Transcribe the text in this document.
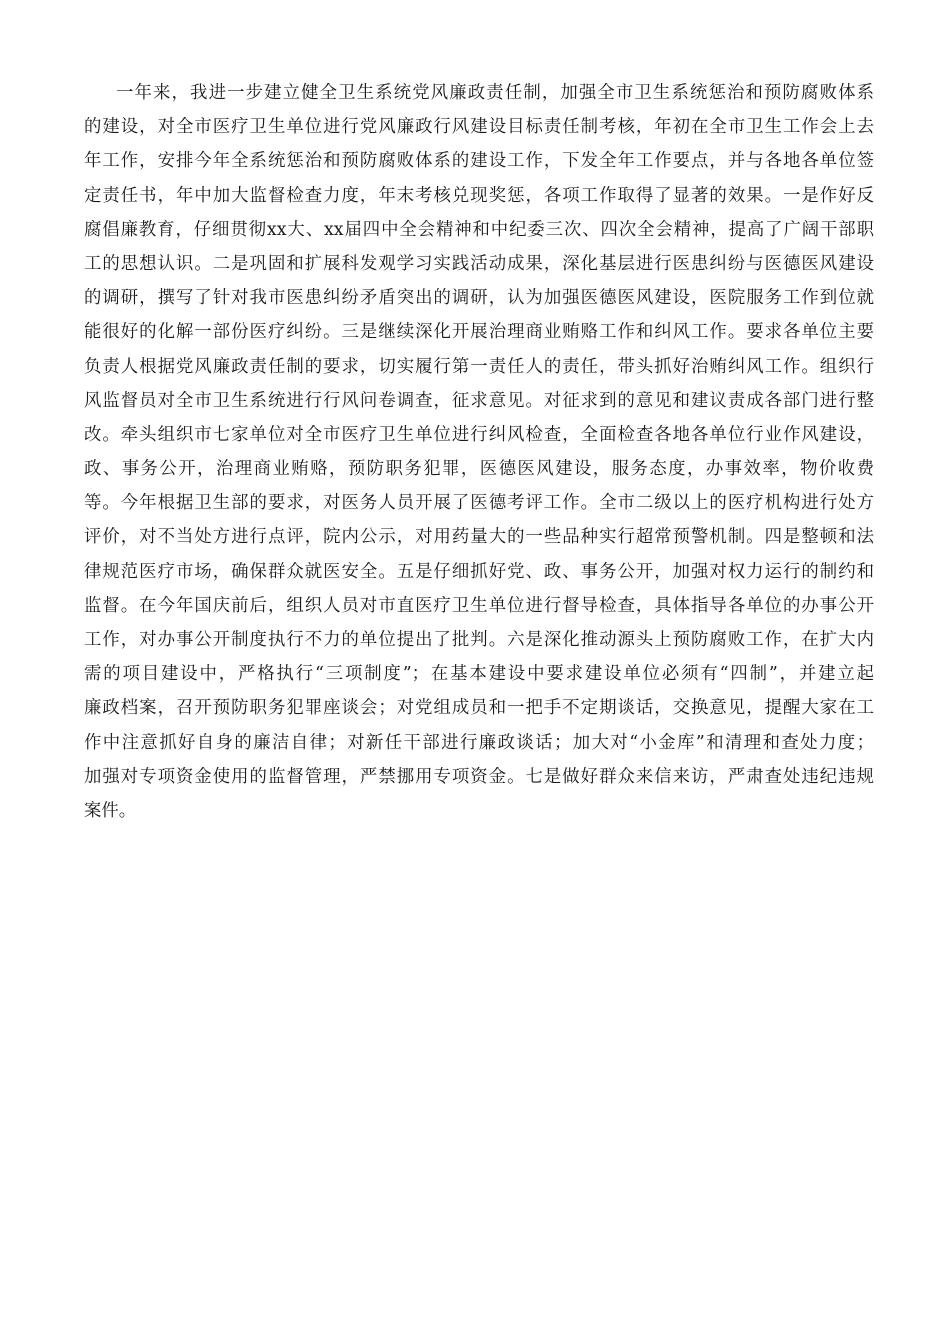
一年来，我进一步建立健全卫生系统党风廉政责任制，加强全市卫生系统惩治和预防腐败体系
的建设，对全市医疗卫生单位进行党风廉政行风建设目标责任制考核，年初在全市卫生工作会上去
年工作，安排今年全系统惩治和预防腐败体系的建设工作，下发全年工作要点，并与各地各单位签
定责任书，年中加大监督检查力度，年末考核兑现奖惩，各项工作取得了显著的效果。一是作好反
腐倡廉教育，仔细贯彻xx大、xx届四中全会精神和中纪委三次、四次全会精神，提高了广阔干部职
工的思想认识。二是巩固和扩展科发观学习实践活动成果，深化基层进行医患纠纷与医德医风建设
的调研，撰写了针对我市医患纠纷矛盾突出的调研，认为加强医德医风建设，医院服务工作到位就
能很好的化解一部份医疗纠纷。三是继续深化开展治理商业贿赂工作和纠风工作。要求各单位主要
负责人根据党风廉政责任制的要求，切实履行第一责任人的责任，带头抓好治贿纠风工作。组织行
风监督员对全市卫生系统进行行风问卷调查，征求意见。对征求到的意见和建议责成各部门进行整
改。牵头组织市七家单位对全市医疗卫生单位进行纠风检查，全面检查各地各单位行业作风建设，
政、事务公开，治理商业贿赂，预防职务犯罪，医德医风建设，服务态度，办事效率，物价收费
等。今年根据卫生部的要求，对医务人员开展了医德考评工作。全市二级以上的医疗机构进行处方
评价，对不当处方进行点评，院内公示，对用药量大的一些品种实行超常预警机制。四是整顿和法
律规范医疗市场，确保群众就医安全。五是仔细抓好党、政、事务公开，加强对权力运行的制约和
监督。在今年国庆前后，组织人员对市直医疗卫生单位进行督导检查，具体指导各单位的办事公开
工作，对办事公开制度执行不力的单位提出了批判。六是深化推动源头上预防腐败工作，在扩大内
需的项目建设中，严格执行“三项制度”；在基本建设中要求建设单位必须有“四制”，并建立起
廉政档案，召开预防职务犯罪座谈会；对党组成员和一把手不定期谈话，交换意见，提醒大家在工
作中注意抓好自身的廉洁自律；对新任干部进行廉政谈话；加大对“小金库”和清理和查处力度；
加强对专项资金使用的监督管理，严禁挪用专项资金。七是做好群众来信来访，严肃查处违纪违规
案件。
